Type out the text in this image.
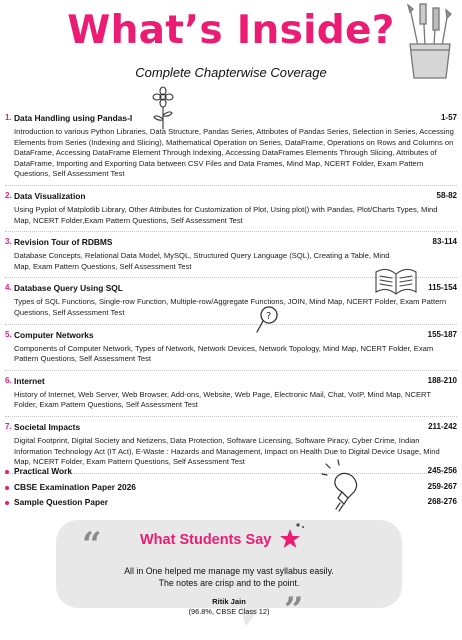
What’s Inside?
Complete Chapterwise Coverage
1. Data Handling using Pandas-I	1-57
Introduction to various Python Libraries, Data Structure, Pandas Series, Attributes of Pandas Series, Selection in Series, Accessing Elements from Series (Indexing and Slicing), Mathematical Operation on Series, DataFrame, Operations on Rows and Columns on DataFrame, Accessing DataFrame Element Through Indexing, Accessing DataFrames Elements Through Slicing, Attributes of DataFrame, Importing and Exporting Data between CSV Files and Data Frames, Mind Map, NCERT Folder, Exam Pattern Questions, Self Assessment Test
2. Data Visualization	58-82
Using Pyplot of Matplotlib Library, Other Attributes for Customization of Plot, Using plot() with Pandas, Plot/Charts Types, Mind Map, NCERT Folder,Exam Pattern Questions, Self Assessment Test
3. Revision Tour of RDBMS	83-114
Database Concepts, Relational Data Model, MySQL, Structured Query Language (SQL), Creating a Table, Mind Map, Exam Pattern Questions, Self Assessment Test
4. Database Query Using SQL	115-154
Types of SQL Functions, Single-row Function, Multiple-row/Aggregate Functions, JOIN, Mind Map, NCERT Folder, Exam Pattern Questions, Self Assessment Test
5. Computer Networks	155-187
Components of Computer Network, Types of Network, Network Devices, Network Topology, Mind Map, NCERT Folder, Exam Pattern Questions, Self Assessment Test
6. Internet	188-210
History of Internet, Web Server, Web Browser, Add-ons, Website, Web Page, Electronic Mail, Chat, VoIP, Mind Map, NCERT Folder, Exam Pattern Questions, Self Assessment Test
7. Societal Impacts	211-242
Digital Footprint, Digital Society and Netizens, Data Protection, Software Licensing, Software Piracy, Cyber Crime, Indian Information Technology Act (IT Act), E-Waste : Hazards and Management, Impact on Health Due to Digital Device Usage, Mind Map, NCERT Folder, Exam Pattern Questions, Self Assessment Test
Practical Work	245-256
CBSE Examination Paper 2026	259-267
Sample Question Paper	268-276
?
“
”
What Students Say
All in One helped me manage my vast syllabus easily.
The notes are crisp and to the point.
Ritik Jain
(96.8%, CBSE Class 12)
